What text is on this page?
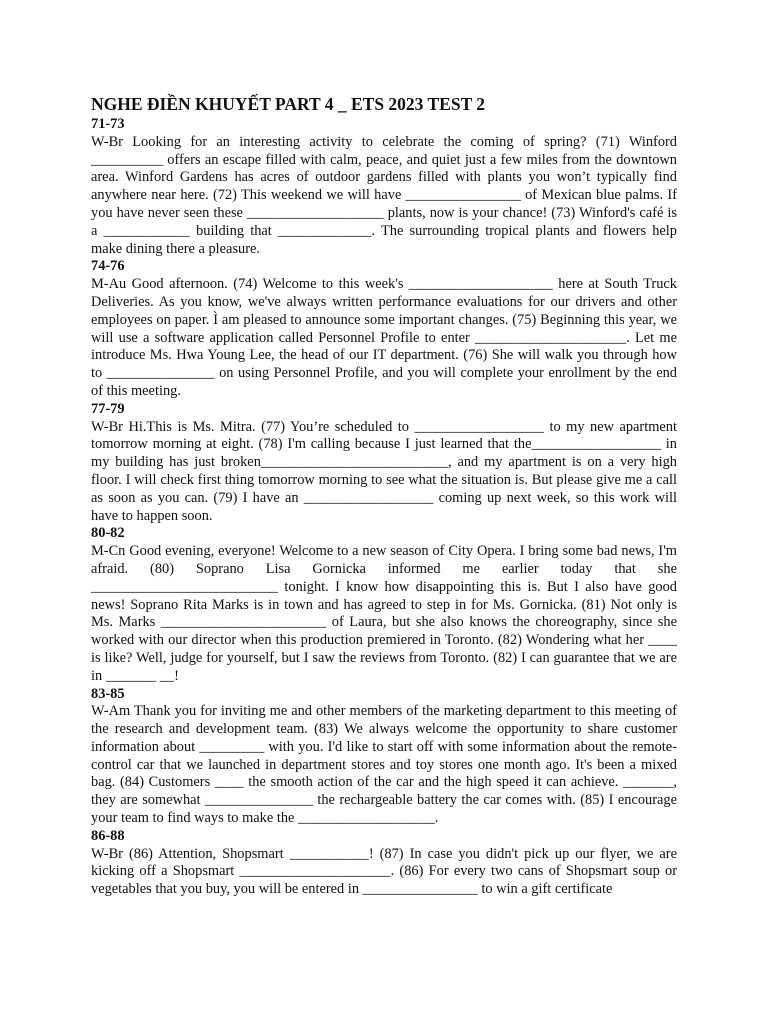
NGHE ĐIỀN KHUYẾT PART 4 _ ETS 2023 TEST 2
71-73

W-Br Looking for an interesting activity to celebrate the coming of spring? (71) Winford __________ offers an escape filled with calm, peace, and quiet just a few miles from the downtown area. Winford Gardens has acres of outdoor gardens filled with plants you won’t typically find anywhere near here. (72) This weekend we will have ________________ of Mexican blue palms. If you have never seen these ___________________ plants, now is your chance! (73) Winford's café is a ____________ building that _____________. The surrounding tropical plants and flowers help make dining there a pleasure.

74-76

M-Au Good afternoon. (74) Welcome to this week's ____________________ here at South Truck Deliveries. As you know, we've always written performance evaluations for our drivers and other employees on paper. Ì am pleased to announce some important changes. (75) Beginning this year, we will use a software application called Personnel Profile to enter _____________________. Let me introduce Ms. Hwa Young Lee, the head of our IT department. (76) She will walk you through how to _______________ on using Personnel Profile, and you will complete your enrollment by the end of this meeting.

77-79

W-Br Hi.This is Ms. Mitra. (77) You’re scheduled to __________________ to my new apartment tomorrow morning at eight. (78) I'm calling because I just learned that the__________________ in my building has just broken__________________________, and my apartment is on a very high floor. I will check first thing tomorrow morning to see what the situation is. But please give me a call as soon as you can. (79) I have an __________________ coming up next week, so this work will have to happen soon.

80-82

M-Cn Good evening, everyone! Welcome to a new season of City Opera. I bring some bad news, I'm afraid. (80) Soprano Lisa Gornicka informed me earlier today that she __________________________ tonight. I know how disappointing this is. But I also have good news! Soprano Rita Marks is in town and has agreed to step in for Ms. Gornicka. (81) Not only is Ms. Marks _______________________ of Laura, but she also knows the choreography, since she worked with our director when this production premiered in Toronto. (82) Wondering what her ____ is like? Well, judge for yourself, but I saw the reviews from Toronto. (82) I can guarantee that we are in _______ __!

83-85

W-Am Thank you for inviting me and other members of the marketing department to this meeting of the research and development team. (83) We always welcome the opportunity to share customer information about _________ with you. I'd like to start off with some information about the remote-control car that we launched in department stores and toy stores one month ago. It's been a mixed bag. (84) Customers ____ the smooth action of the car and the high speed it can achieve. _______, they are somewhat _______________ the rechargeable battery the car comes with. (85) I encourage your team to find ways to make the ___________________.

86-88

W-Br (86) Attention, Shopsmart ___________! (87) In case you didn't pick up our flyer, we are kicking off a Shopsmart _____________________. (86) For every two cans of Shopsmart soup or vegetables that you buy, you will be entered in ________________ to win a gift certificate
